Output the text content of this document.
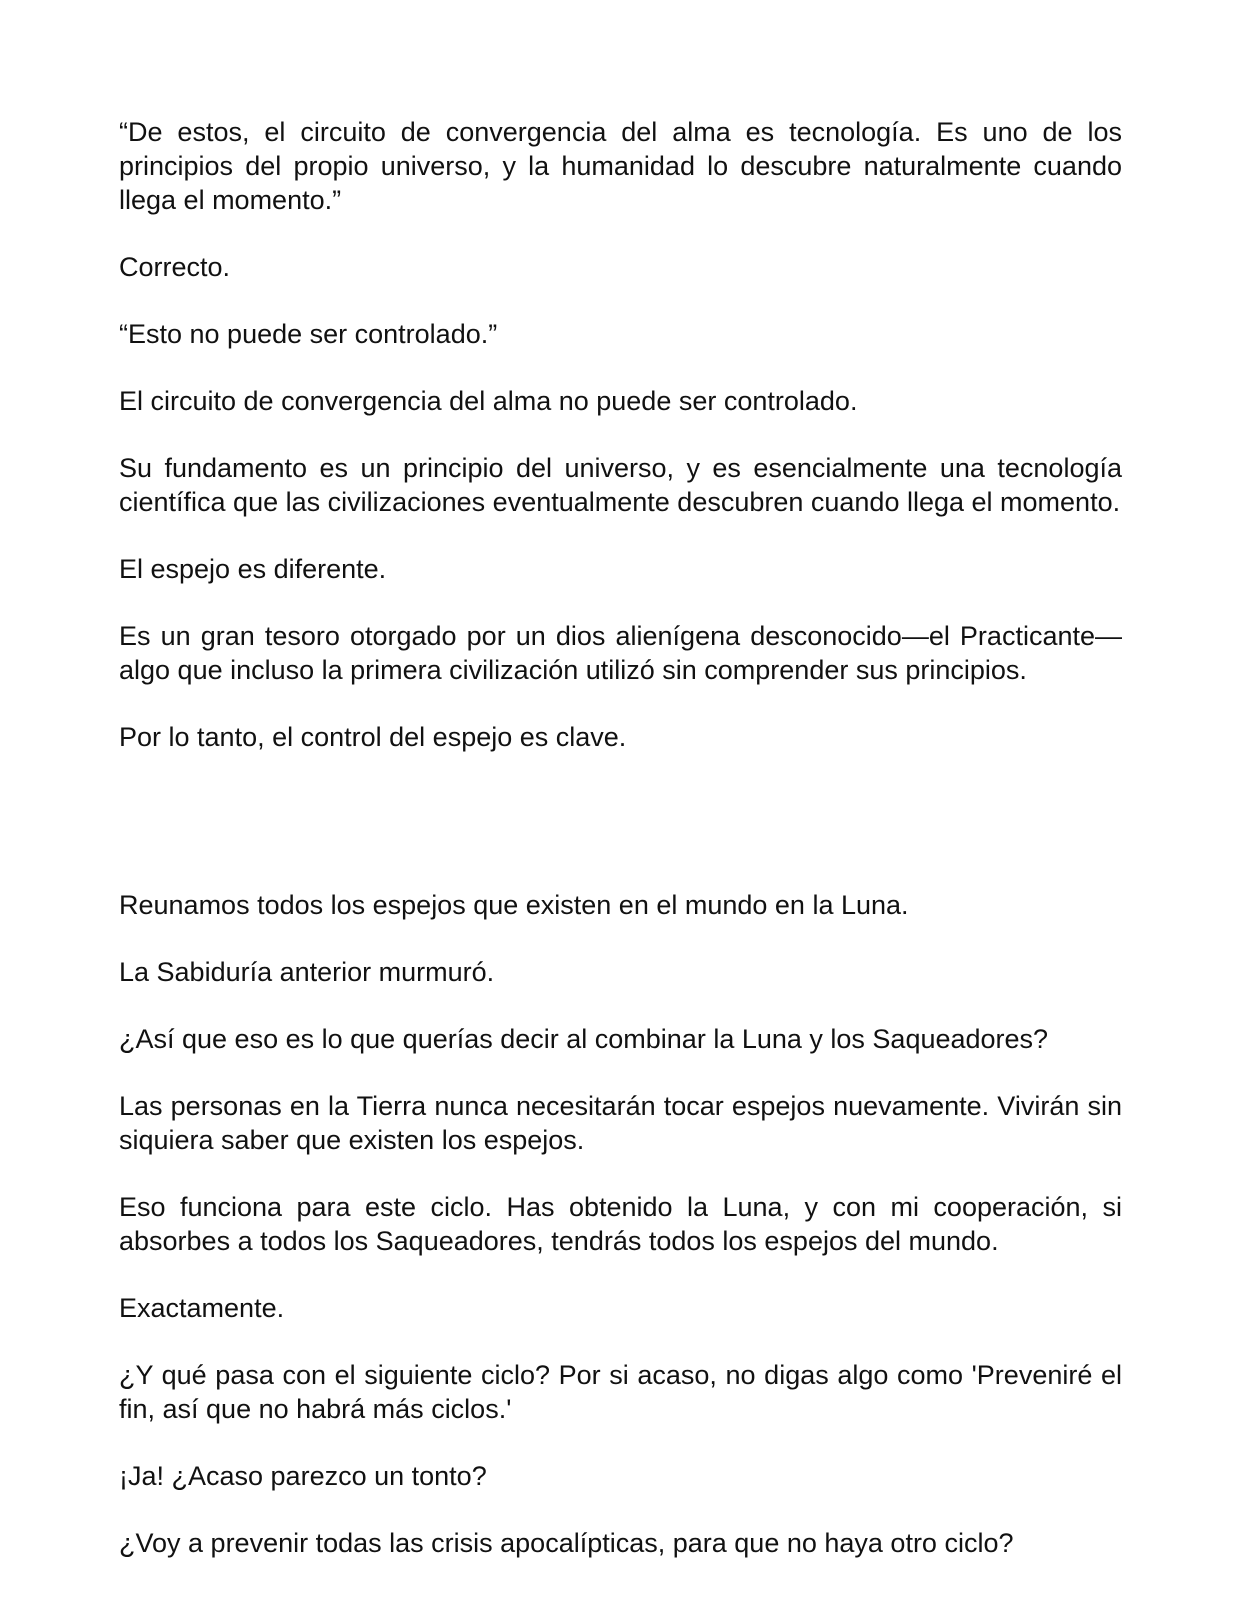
“De estos, el circuito de convergencia del alma es tecnología. Es uno de los principios del propio universo, y la humanidad lo descubre naturalmente cuando llega el momento.”

Correcto.

“Esto no puede ser controlado.”

El circuito de convergencia del alma no puede ser controlado.

Su fundamento es un principio del universo, y es esencialmente una tecnología científica que las civilizaciones eventualmente descubren cuando llega el momento.

El espejo es diferente.

Es un gran tesoro otorgado por un dios alienígena desconocido—el Practicante—algo que incluso la primera civilización utilizó sin comprender sus principios.

Por lo tanto, el control del espejo es clave.

Reunamos todos los espejos que existen en el mundo en la Luna.

La Sabiduría anterior murmuró.

¿Así que eso es lo que querías decir al combinar la Luna y los Saqueadores?

Las personas en la Tierra nunca necesitarán tocar espejos nuevamente. Vivirán sin siquiera saber que existen los espejos.

Eso funciona para este ciclo. Has obtenido la Luna, y con mi cooperación, si absorbes a todos los Saqueadores, tendrás todos los espejos del mundo.

Exactamente.

¿Y qué pasa con el siguiente ciclo? Por si acaso, no digas algo como 'Preveniré el fin, así que no habrá más ciclos.'

¡Ja! ¿Acaso parezco un tonto?

¿Voy a prevenir todas las crisis apocalípticas, para que no haya otro ciclo?
